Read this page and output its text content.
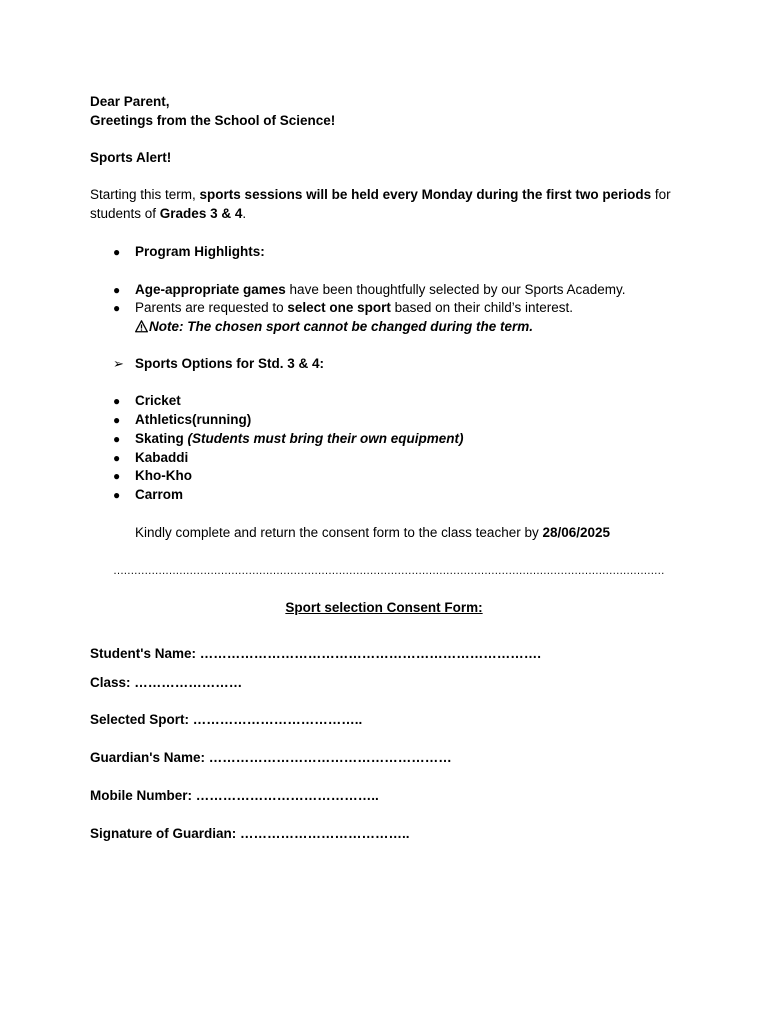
Dear Parent,
Greetings from the School of Science!
Sports Alert!
Starting this term, sports sessions will be held every Monday during the first two periods for
students of Grades 3 & 4.
● Program Highlights:
● Age-appropriate games have been thoughtfully selected by our Sports Academy.
● Parents are requested to select one sport based on their child’s interest.
Note: The chosen sport cannot be changed during the term.
➢ Sports Options for Std. 3 & 4:
● Cricket
● Athletics(running)
● Skating (Students must bring their own equipment)
● Kabaddi
● Kho-Kho
● Carrom
Kindly complete and return the consent form to the class teacher by 28/06/2025
……………………………………………………………………………………………………………………………………………
Sport selection Consent Form:
Student's Name: ………………………………………………………………….
Class: ……………………
Selected Sport: ………………………………..
Guardian's Name: ………………………………………………
Mobile Number: …………………………………..
Signature of Guardian: ………………………………..
